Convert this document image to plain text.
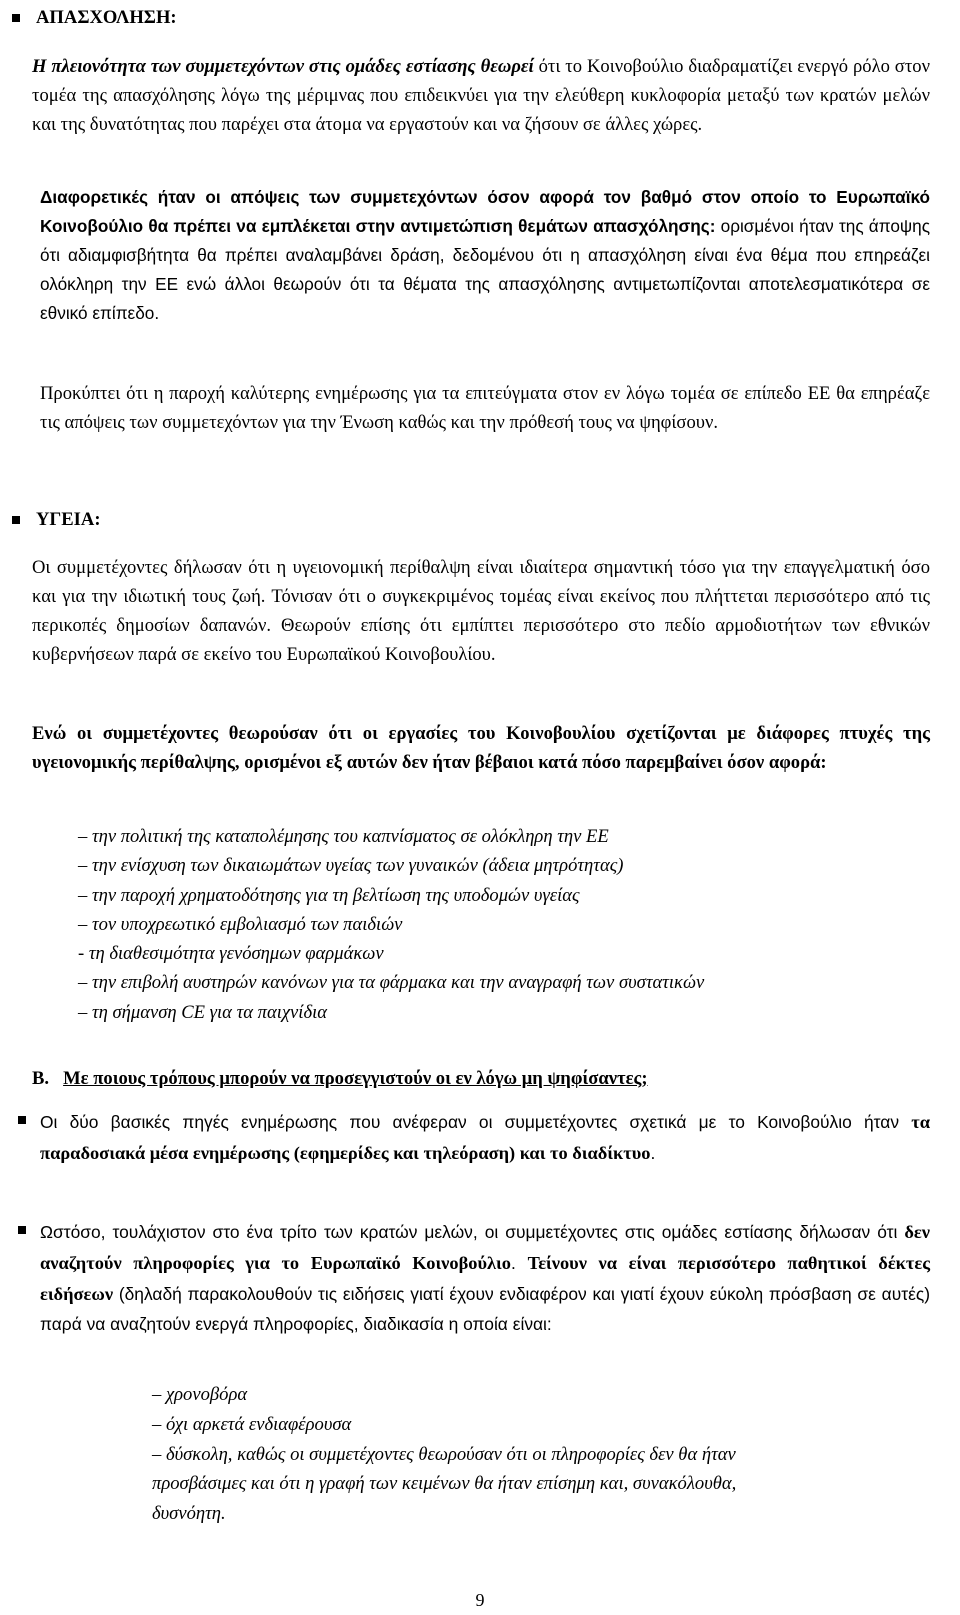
ΑΠΑΣΧΟΛΗΣΗ:

Η πλειονότητα των συμμετεχόντων στις ομάδες εστίασης θεωρεί ότι το Κοινοβούλιο διαδραματίζει ενεργό ρόλο στον τομέα της απασχόλησης λόγω της μέριμνας που επιδεικνύει για την ελεύθερη κυκλοφορία μεταξύ των κρατών μελών και της δυνατότητας που παρέχει στα άτομα να εργαστούν και να ζήσουν σε άλλες χώρες.

Διαφορετικές ήταν οι απόψεις των συμμετεχόντων όσον αφορά τον βαθμό στον οποίο το Ευρωπαϊκό Κοινοβούλιο θα πρέπει να εμπλέκεται στην αντιμετώπιση θεμάτων απασχόλησης: ορισμένοι ήταν της άποψης ότι αδιαμφισβήτητα θα πρέπει αναλαμβάνει δράση, δεδομένου ότι η απασχόληση είναι ένα θέμα που επηρεάζει ολόκληρη την ΕΕ ενώ άλλοι θεωρούν ότι τα θέματα της απασχόλησης αντιμετωπίζονται αποτελεσματικότερα σε εθνικό επίπεδο.

Προκύπτει ότι η παροχή καλύτερης ενημέρωσης για τα επιτεύγματα στον εν λόγω τομέα σε επίπεδο ΕΕ θα επηρέαζε τις απόψεις των συμμετεχόντων για την Ένωση καθώς και την πρόθεσή τους να ψηφίσουν.

ΥΓΕΙΑ:

Οι συμμετέχοντες δήλωσαν ότι η υγειονομική περίθαλψη είναι ιδιαίτερα σημαντική τόσο για την επαγγελματική όσο και για την ιδιωτική τους ζωή. Τόνισαν ότι ο συγκεκριμένος τομέας είναι εκείνος που πλήττεται περισσότερο από τις περικοπές δημοσίων δαπανών. Θεωρούν επίσης ότι εμπίπτει περισσότερο στο πεδίο αρμοδιοτήτων των εθνικών κυβερνήσεων παρά σε εκείνο του Ευρωπαϊκού Κοινοβουλίου.

Ενώ οι συμμετέχοντες θεωρούσαν ότι οι εργασίες του Κοινοβουλίου σχετίζονται με διάφορες πτυχές της υγειονομικής περίθαλψης, ορισμένοι εξ αυτών δεν ήταν βέβαιοι κατά πόσο παρεμβαίνει όσον αφορά:

– την πολιτική της καταπολέμησης του καπνίσματος σε ολόκληρη την ΕΕ
– την ενίσχυση των δικαιωμάτων υγείας των γυναικών (άδεια μητρότητας)
– την παροχή χρηματοδότησης για τη βελτίωση της υποδομών υγείας
– τον υποχρεωτικό εμβολιασμό των παιδιών
- τη διαθεσιμότητα γενόσημων φαρμάκων
– την επιβολή αυστηρών κανόνων για τα φάρμακα και την αναγραφή των συστατικών
– τη σήμανση CE για τα παιχνίδια
Β. Με ποιους τρόπους μπορούν να προσεγγιστούν οι εν λόγω μη ψηφίσαντες;

Οι δύο βασικές πηγές ενημέρωσης που ανέφεραν οι συμμετέχοντες σχετικά με το Κοινοβούλιο ήταν τα παραδοσιακά μέσα ενημέρωσης (εφημερίδες και τηλεόραση) και το διαδίκτυο.

Ωστόσο, τουλάχιστον στο ένα τρίτο των κρατών μελών, οι συμμετέχοντες στις ομάδες εστίασης δήλωσαν ότι δεν αναζητούν πληροφορίες για το Ευρωπαϊκό Κοινοβούλιο. Τείνουν να είναι περισσότερο παθητικοί δέκτες ειδήσεων (δηλαδή παρακολουθούν τις ειδήσεις γιατί έχουν ενδιαφέρον και γιατί έχουν εύκολη πρόσβαση σε αυτές) παρά να αναζητούν ενεργά πληροφορίες, διαδικασία η οποία είναι:

– χρονοβόρα
– όχι αρκετά ενδιαφέρουσα
– δύσκολη, καθώς οι συμμετέχοντες θεωρούσαν ότι οι πληροφορίες δεν θα ήταν
προσβάσιμες και ότι η γραφή των κειμένων θα ήταν επίσημη και, συνακόλουθα,
δυσνόητη.
9
